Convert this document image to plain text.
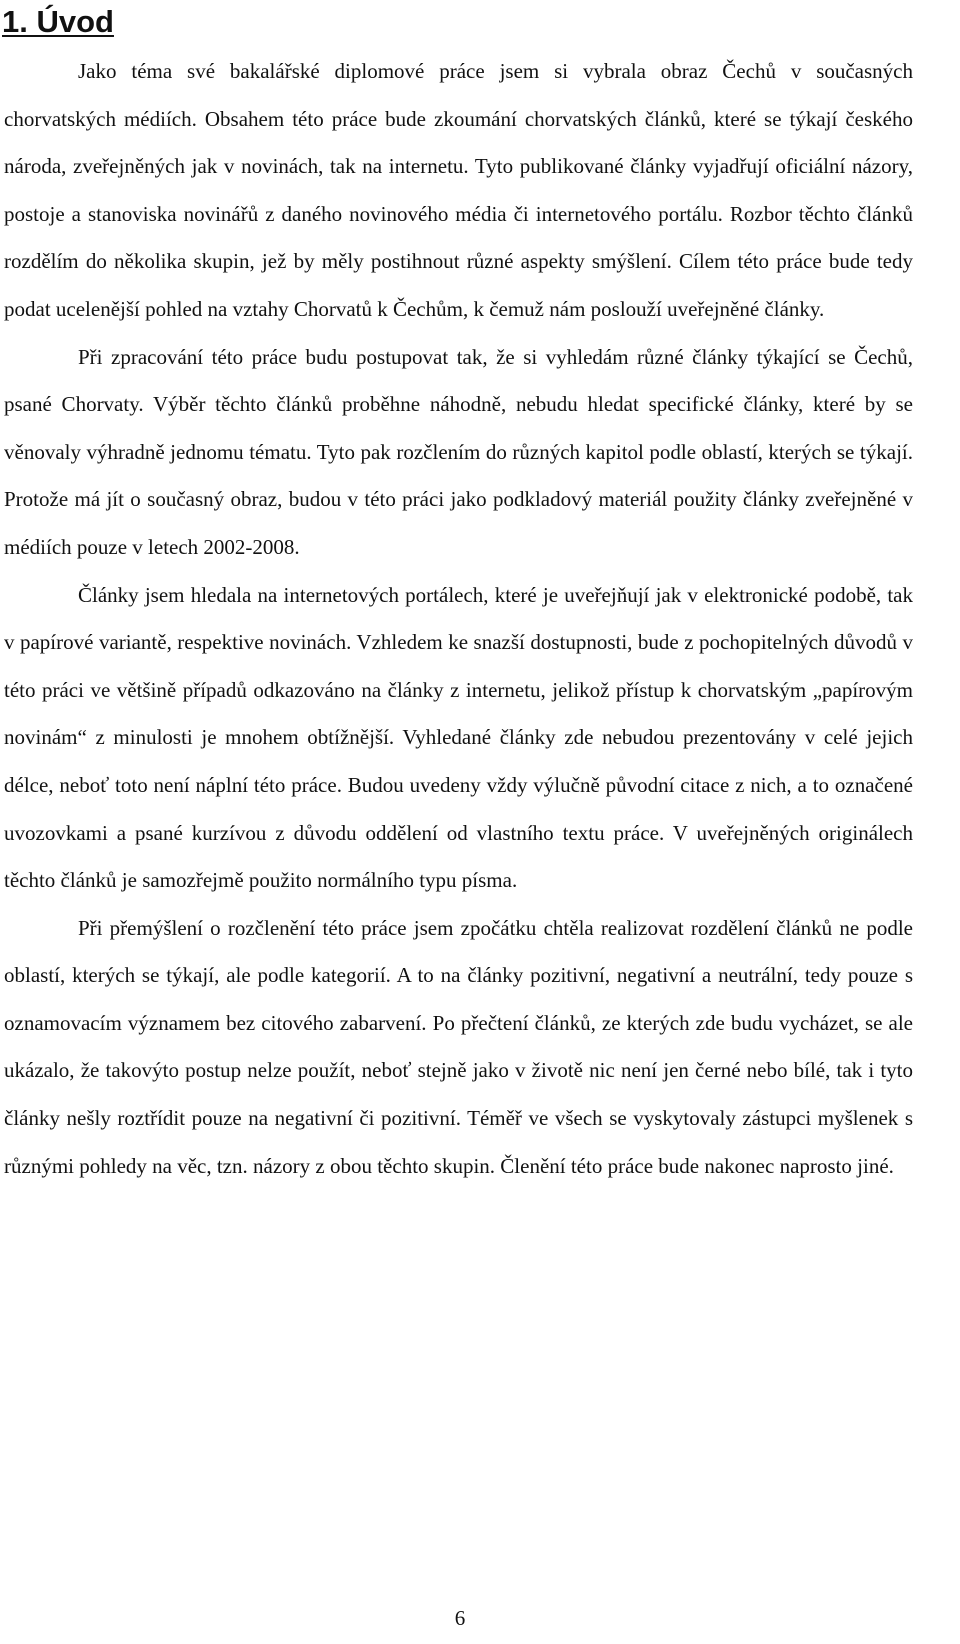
1. Úvod

Jako téma své bakalářské diplomové práce jsem si vybrala obraz Čechů v současných chorvatských médiích. Obsahem této práce bude zkoumání chorvatských článků, které se týkají českého národa, zveřejněných jak v novinách, tak na internetu. Tyto publikované články vyjadřují oficiální názory, postoje a stanoviska novinářů z daného novinového média či internetového portálu. Rozbor těchto článků rozdělím do několika skupin, jež by měly postihnout různé aspekty smýšlení. Cílem této práce bude tedy podat ucelenější pohled na vztahy Chorvatů k Čechům, k čemuž nám poslouží uveřejněné články.

Při zpracování této práce budu postupovat tak, že si vyhledám různé články týkající se Čechů, psané Chorvaty. Výběr těchto článků proběhne náhodně, nebudu hledat specifické články, které by se věnovaly výhradně jednomu tématu. Tyto pak rozčlením do různých kapitol podle oblastí, kterých se týkají. Protože má jít o současný obraz, budou v této práci jako podkladový materiál použity články zveřejněné v médiích pouze v letech 2002-2008.

Články jsem hledala na internetových portálech, které je uveřejňují jak v elektronické podobě, tak v papírové variantě, respektive novinách. Vzhledem ke snazší dostupnosti, bude z pochopitelných důvodů v této práci ve většině případů odkazováno na články z internetu, jelikož přístup k chorvatským „papírovým novinám“ z minulosti je mnohem obtížnější. Vyhledané články zde nebudou prezentovány v celé jejich délce, neboť toto není náplní této práce. Budou uvedeny vždy výlučně původní citace z nich, a to označené uvozovkami a psané kurzívou z důvodu oddělení od vlastního textu práce. V uveřejněných originálech těchto článků je samozřejmě použito normálního typu písma.

Při přemýšlení o rozčlenění této práce jsem zpočátku chtěla realizovat rozdělení článků ne podle oblastí, kterých se týkají, ale podle kategorií. A to na články pozitivní, negativní a neutrální, tedy pouze s oznamovacím významem bez citového zabarvení. Po přečtení článků, ze kterých zde budu vycházet, se ale ukázalo, že takovýto postup nelze použít, neboť stejně jako v životě nic není jen černé nebo bílé, tak i tyto články nešly roztřídit pouze na negativní či pozitivní. Téměř ve všech se vyskytovaly zástupci myšlenek s různými pohledy na věc, tzn. názory z obou těchto skupin. Členění této práce bude nakonec naprosto jiné.

6
